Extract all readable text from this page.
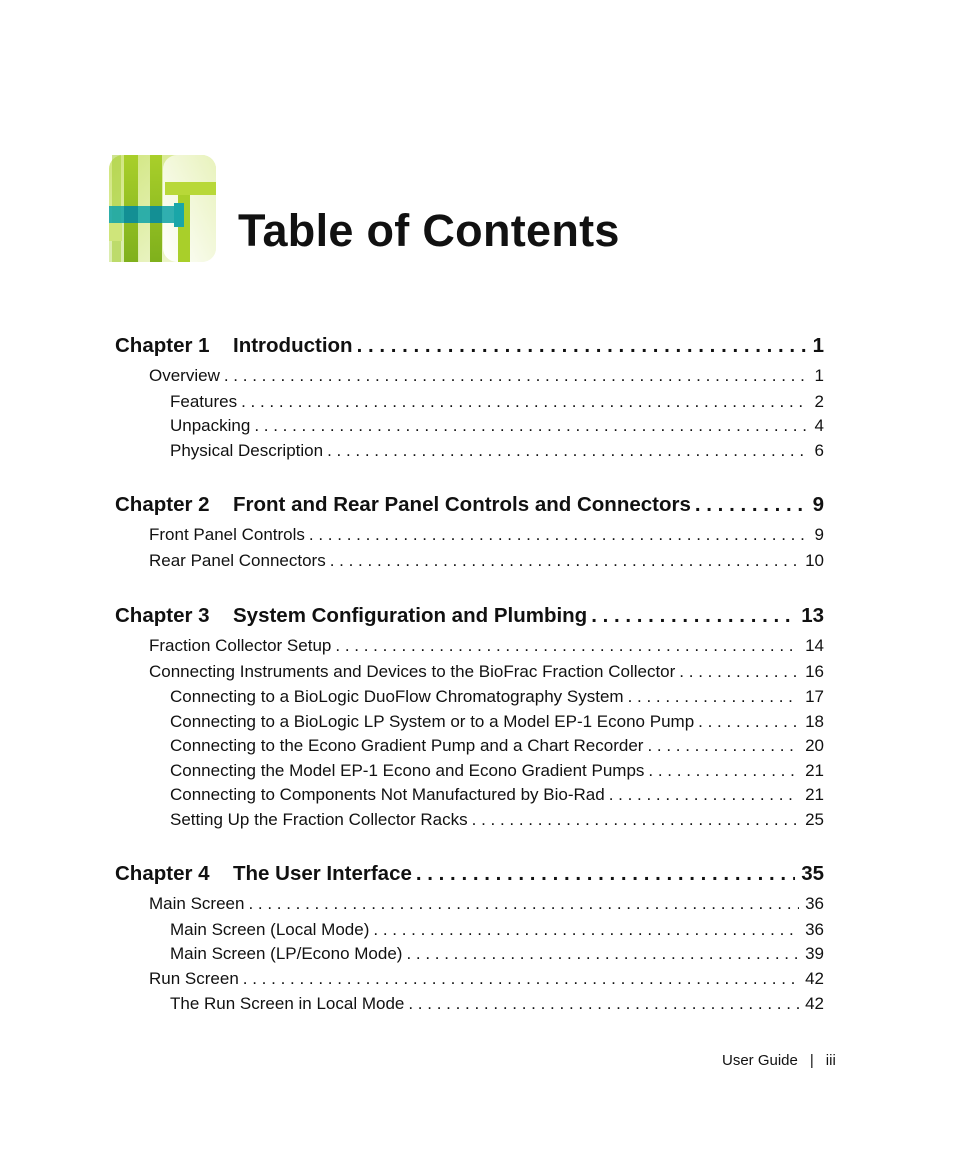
Table of Contents
Chapter 1	Introduction . . .	1
Overview . . .	1
Features . . .	2
Unpacking . . .	4
Physical Description . . .	6
Chapter 2	Front and Rear Panel Controls and Connectors . . .	9
Front Panel Controls . . .	9
Rear Panel Connectors . . .	10
Chapter 3	System Configuration and Plumbing . . .	13
Fraction Collector Setup . . .	14
Connecting Instruments and Devices to the BioFrac Fraction Collector . . .	16
Connecting to a BioLogic DuoFlow Chromatography System . . .	17
Connecting to a BioLogic LP System or to a Model EP-1 Econo Pump . . .	18
Connecting to the Econo Gradient Pump and a Chart Recorder . . .	20
Connecting the Model EP-1 Econo and Econo Gradient Pumps . . .	21
Connecting to Components Not Manufactured by Bio-Rad . . .	21
Setting Up the Fraction Collector Racks . . .	25
Chapter 4	The User Interface . . .	35
Main Screen . . .	36
Main Screen (Local Mode) . . .	36
Main Screen (LP/Econo Mode) . . .	39
Run Screen . . .	42
The Run Screen in Local Mode . . .	42
User Guide | iii
